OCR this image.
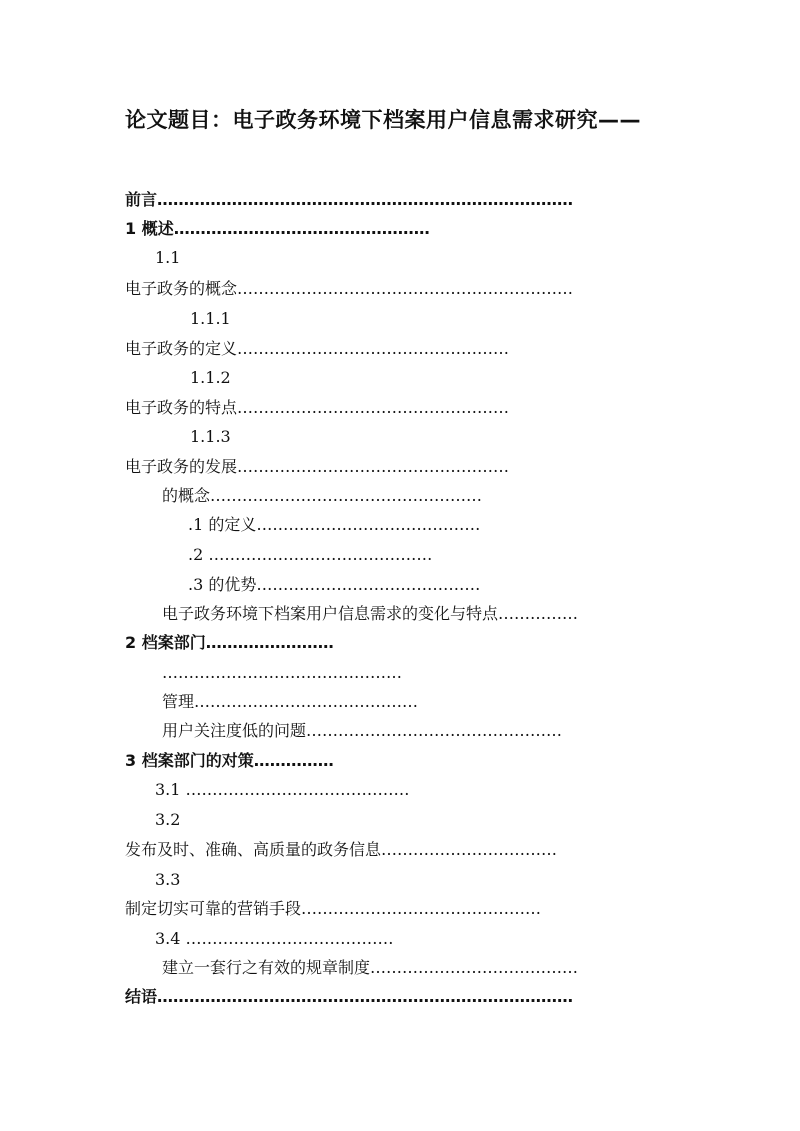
论文题目：电子政务环境下档案用户信息需求研究——
前言……………………………………………………………………
1 概述…………………………………………
1.1
电子政务的概念………………………………………………………
1.1.1
电子政务的定义……………………………………………
1.1.2
电子政务的特点……………………………………………
1.1.3
电子政务的发展……………………………………………
的概念……………………………………………
.1 的定义……………………………………
.2 ……………………………………
.3 的优势……………………………………
电子政务环境下档案用户信息需求的变化与特点……………
2 档案部门……………………
………………………………………
管理……………………………………
用户关注度低的问题…………………………………………
3 档案部门的对策……………
3.1 ……………………………………
3.2
发布及时、准确、高质量的政务信息……………………………
3.3
制定切实可靠的营销手段………………………………………
3.4 …………………………………
建立一套行之有效的规章制度…………………………………
结语……………………………………………………………………
